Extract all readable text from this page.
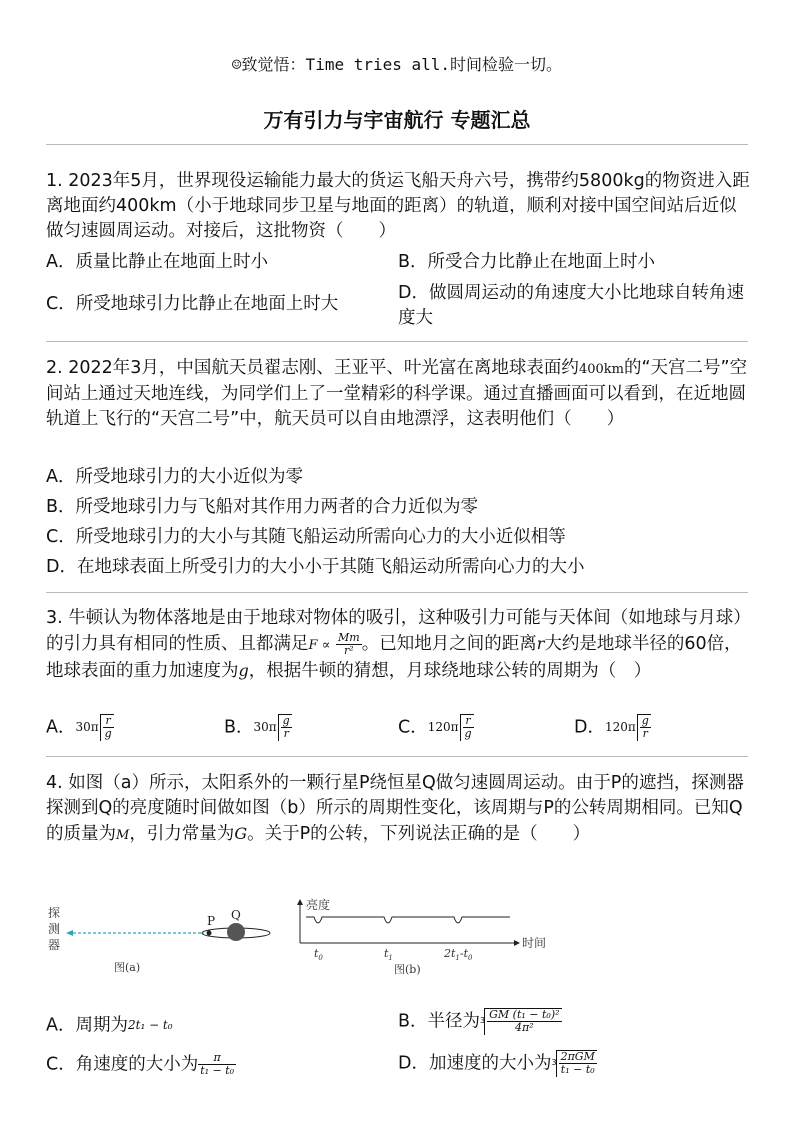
☺致觉悟：Time tries all.时间检验一切。
万有引力与宇宙航行 专题汇总
1. 2023年5月，世界现役运输能力最大的货运飞船天舟六号，携带约5800kg的物资进入距离地面约400km（小于地球同步卫星与地面的距离）的轨道，顺利对接中国空间站后近似做匀速圆周运动。对接后，这批物资（　　）
A．质量比静止在地面上时小	B．所受合力比静止在地面上时小
C．所受地球引力比静止在地面上时大
D．做圆周运动的角速度大小比地球自转角速度大
2. 2022年3月，中国航天员翟志刚、王亚平、叶光富在离地球表面约400km的“天宫二号”空间站上通过天地连线，为同学们上了一堂精彩的科学课。通过直播画面可以看到，在近地圆轨道上飞行的“天宫二号”中，航天员可以自由地漂浮，这表明他们（　　）
A．所受地球引力的大小近似为零
B．所受地球引力与飞船对其作用力两者的合力近似为零
C．所受地球引力的大小与其随飞船运动所需向心力的大小近似相等
D．在地球表面上所受引力的大小小于其随飞船运动所需向心力的大小
3. 牛顿认为物体落地是由于地球对物体的吸引，这种吸引力可能与天体间（如地球与月球）的引力具有相同的性质、且都满足$F \propto \frac{Mm}{\text{r²}}$ 。已知地月之间的距离r大约是地球半径的60倍，地球表面的重力加速度为g，根据牛顿的猜想，月球绕地球公转的周期为（　）
A．$30\pi \frac{r}{g}$	B．$30\pi \frac{g}{r}$	C．$120\pi \frac{r}{g}$	D．$120\pi \frac{g}{r}$
4. 如图（a）所示，太阳系外的一颗行星P绕恒星Q做匀速圆周运动。由于P的遮挡，探测器探测到Q的亮度随时间做如图（b）所示的周期性变化，该周期与P的公转周期相同。已知Q的质量为M，引力常量为G。关于P的公转，下列说法正确的是（　　）
探
测
器
P Q
图(a)
亮度
时间
$t_0$	$t_1$	$2t_1-t_0$
图(b)
A．周期为2t₁ − t₀	B．半径为$^3 \frac{\text{GM (t₁ − t₀)²}}{\text{4π²}}$
C．角速度的大小为 $\frac{\pi}{\text{t₁ − t₀}}$	D．加速度的大小为$^3 \frac{\text{2πGM}}{\text{t₁ − t₀}}$
